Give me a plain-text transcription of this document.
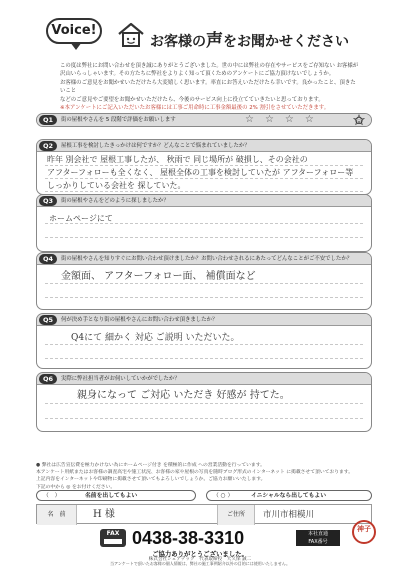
Voice!
お客様の声をお聞かせください
この度は弊社にお問い合わせを頂き誠にありがとうございました。世の中には弊社の存在やサービスをご存知ない お客様が
沢山いらっしゃいます。その方たちに弊社をよりよく知って頂くためのアンケートにご協力頂けないでしょうか。
お客様のご意見をお聞かせいただけたら大変嬉しく思います。率直にお答えいただけたら幸いです。良かったこと、頂きたいこと
などのご意見やご要望をお聞かせいただけたら、今後のサービス向上に役立てていきたいと思っております。
※本アンケートにご記入いただいたお客様には工事ご用命時に工事金額最後の 2% 割引をさせていただきます。
Q1	街の屋根やさんを 5 段階で評価をお願いします	☆☆☆☆
Q2	屋根工事を検討したきっかけは何ですか？どんなことで悩まれていましたか？
昨年 別会社で 屋根工事したが、 秋雨で 同じ場所が 破損し、その会社の
アフターフォローも全くなく、 屋根全体の工事を検討していたが アフターフォロー等
しっかりしている会社を 探していた。
Q3	街の屋根やさんをどのように探しましたか？
ホームページにて
Q4	街の屋根やさんを知りすぐにお問い合わせ頂けましたか？お問い合わせされるにあたってどんなことがご不安でしたか？
金額面、 アフターフォロー面、 補償面など
Q5	何が決め手となり街の屋根やさんにお問い合わせ頂きましたか？
Q4にて 細かく 対応 ご説明 いただいた。
Q6	実際に弊社担当者がお伺いしていかがでしたか？
親身になって ご対応 いただき 好感が 持てた。
● 弊社は広告宣伝費を極力かけない為にホームページ付き を積極的に作成 への営業活動を行っています。
本アンケート用紙またはお客様の調査高宅や施工状況、お客様の家や屋根の写真を随時ブログ形式のインターネット に掲載させて頂いております。
上記内容をインターネットや印刷物に掲載させて頂いてもよろしいでしょうか。ご協力お願いいたします。
下記の中から ◎ をお付けください。
（　）	名前を出してもよい	（ ○ ）	イニシャルなら出してもよい
名　前	H 様	ご住所	市川市相模川
FAX 0438-38-3310	本社直通
FAX番号
神子
ご協力ありがとうございました。
株式会社シェアテック　代表取締役　大久保 誠二
当アンケートで頂いたお客様の個人情報は、弊社の施工事例紹介以外の目的には使用いたしません。
